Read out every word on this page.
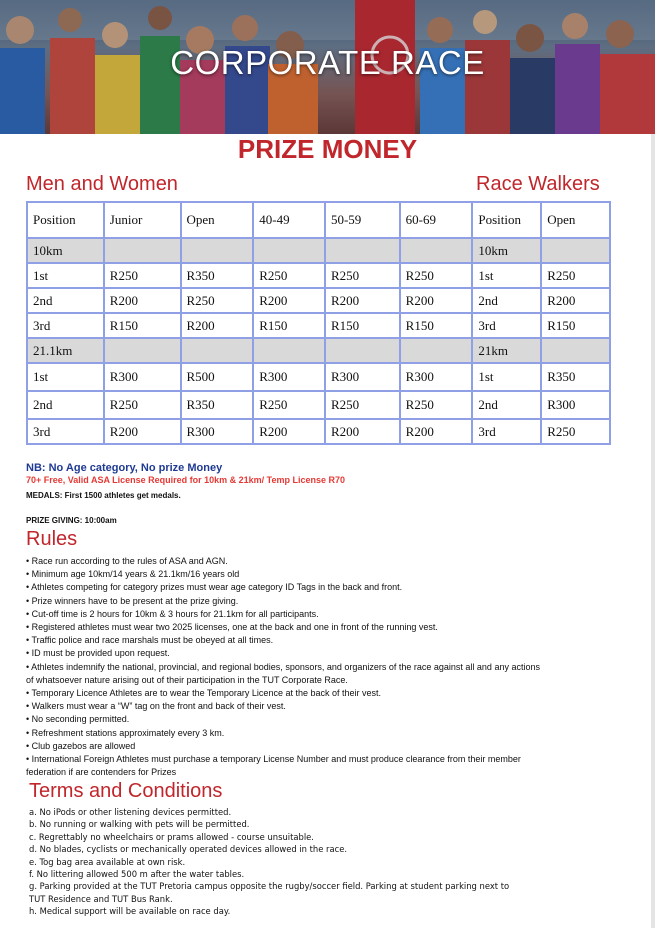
CORPORATE RACE
PRIZE MONEY
Men and Women	Race Walkers
Position	Junior	Open	40-49	50-59	60-69	Position	Open
10km						10km	
1st	R250	R350	R250	R250	R250	1st	R250
2nd	R200	R250	R200	R200	R200	2nd	R200
3rd	R150	R200	R150	R150	R150	3rd	R150
21.1km						21km	
1st	R300	R500	R300	R300	R300	1st	R350
2nd	R250	R350	R250	R250	R250	2nd	R300
3rd	R200	R300	R200	R200	R200	3rd	R250
NB: No Age category, No prize Money
70+ Free, Valid ASA License Required for 10km & 21km/ Temp License R70
MEDALS: First 1500 athletes get medals.
PRIZE GIVING: 10:00am
Rules
• Race run according to the rules of ASA and AGN.
• Minimum age 10km/14 years & 21.1km/16 years old
• Athletes competing for category prizes must wear age category ID Tags in the back and front.
• Prize winners have to be present at the prize giving.
• Cut-off time is 2 hours for 10km & 3 hours for 21.1km for all participants.
• Registered athletes must wear two 2025 licenses, one at the back and one in front of the running vest.
• Traffic police and race marshals must be obeyed at all times.
• ID must be provided upon request.
• Athletes indemnify the national, provincial, and regional bodies, sponsors, and organizers of the race against all and any actions
of whatsoever nature arising out of their participation in the TUT Corporate Race.
• Temporary Licence Athletes are to wear the Temporary Licence at the back of their vest.
• Walkers must wear a “W” tag on the front and back of their vest.
• No seconding permitted.
• Refreshment stations approximately every 3 km.
• Club gazebos are allowed
• International Foreign Athletes must purchase a temporary License Number and must produce clearance from their member
federation if are contenders for Prizes
Terms and Conditions
a. No iPods or other listening devices permitted.
b. No running or walking with pets will be permitted.
c. Regrettably no wheelchairs or prams allowed - course unsuitable.
d. No blades, cyclists or mechanically operated devices allowed in the race.
e. Tog bag area available at own risk.
f. No littering allowed 500 m after the water tables.
g. Parking provided at the TUT Pretoria campus opposite the rugby/soccer field. Parking at student parking next to
TUT Residence and TUT Bus Rank.
h. Medical support will be available on race day.
